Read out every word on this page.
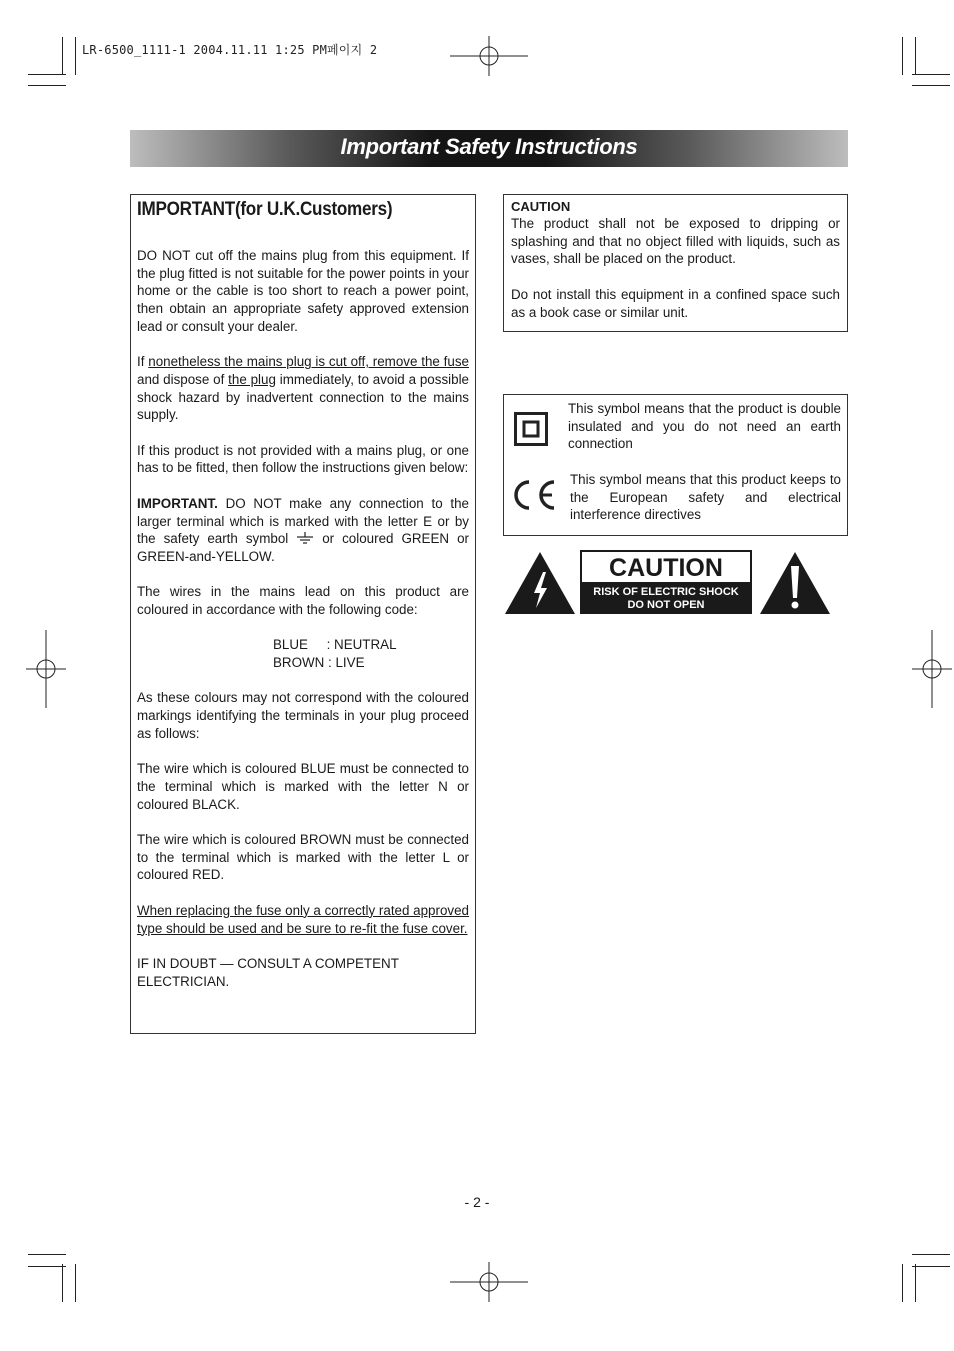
LR-6500_1111-1 2004.11.11 1:25 PM페이지 2
Important Safety Instructions
IMPORTANT(for U.K.Customers)

DO NOT cut off the mains plug from this equipment. If the plug fitted is not suitable for the power points in your home or the cable is too short to reach a power point, then obtain an appropriate safety approved extension lead or consult your dealer.

If nonetheless the mains plug is cut off, remove the fuse and dispose of the plug immediately, to avoid a possible shock hazard by inadvertent connection to the mains supply.

If this product is not provided with a mains plug, or one has to be fitted, then follow the instructions given below:

IMPORTANT. DO NOT make any connection to the larger terminal which is marked with the letter E or by the safety earth symbol  or coloured GREEN or GREEN-and-YELLOW.

The wires in the mains lead on this product are coloured in accordance with the following code:

BLUE     : NEUTRAL
BROWN : LIVE

As these colours may not correspond with the coloured markings identifying the terminals in your plug proceed as follows:

The wire which is coloured BLUE must be connected to the terminal which is marked with the letter N or coloured BLACK.

The wire which is coloured BROWN must be connected to the terminal which is marked with the letter L or coloured RED.

When replacing the fuse only a correctly rated approved type should be used and be sure to re-fit the fuse cover.

IF IN DOUBT — CONSULT A COMPETENT ELECTRICIAN.

CAUTION

The product shall not be exposed to dripping or splashing and that no object filled with liquids, such as vases, shall be placed on the product.

Do not install this equipment in a confined space such as a book case or similar unit.

This symbol means that the product is double insulated and you do not need an earth connection
This symbol means that this product keeps to the European safety and electrical interference directives
CAUTION
RISK OF ELECTRIC SHOCK
DO NOT OPEN
- 2 -
